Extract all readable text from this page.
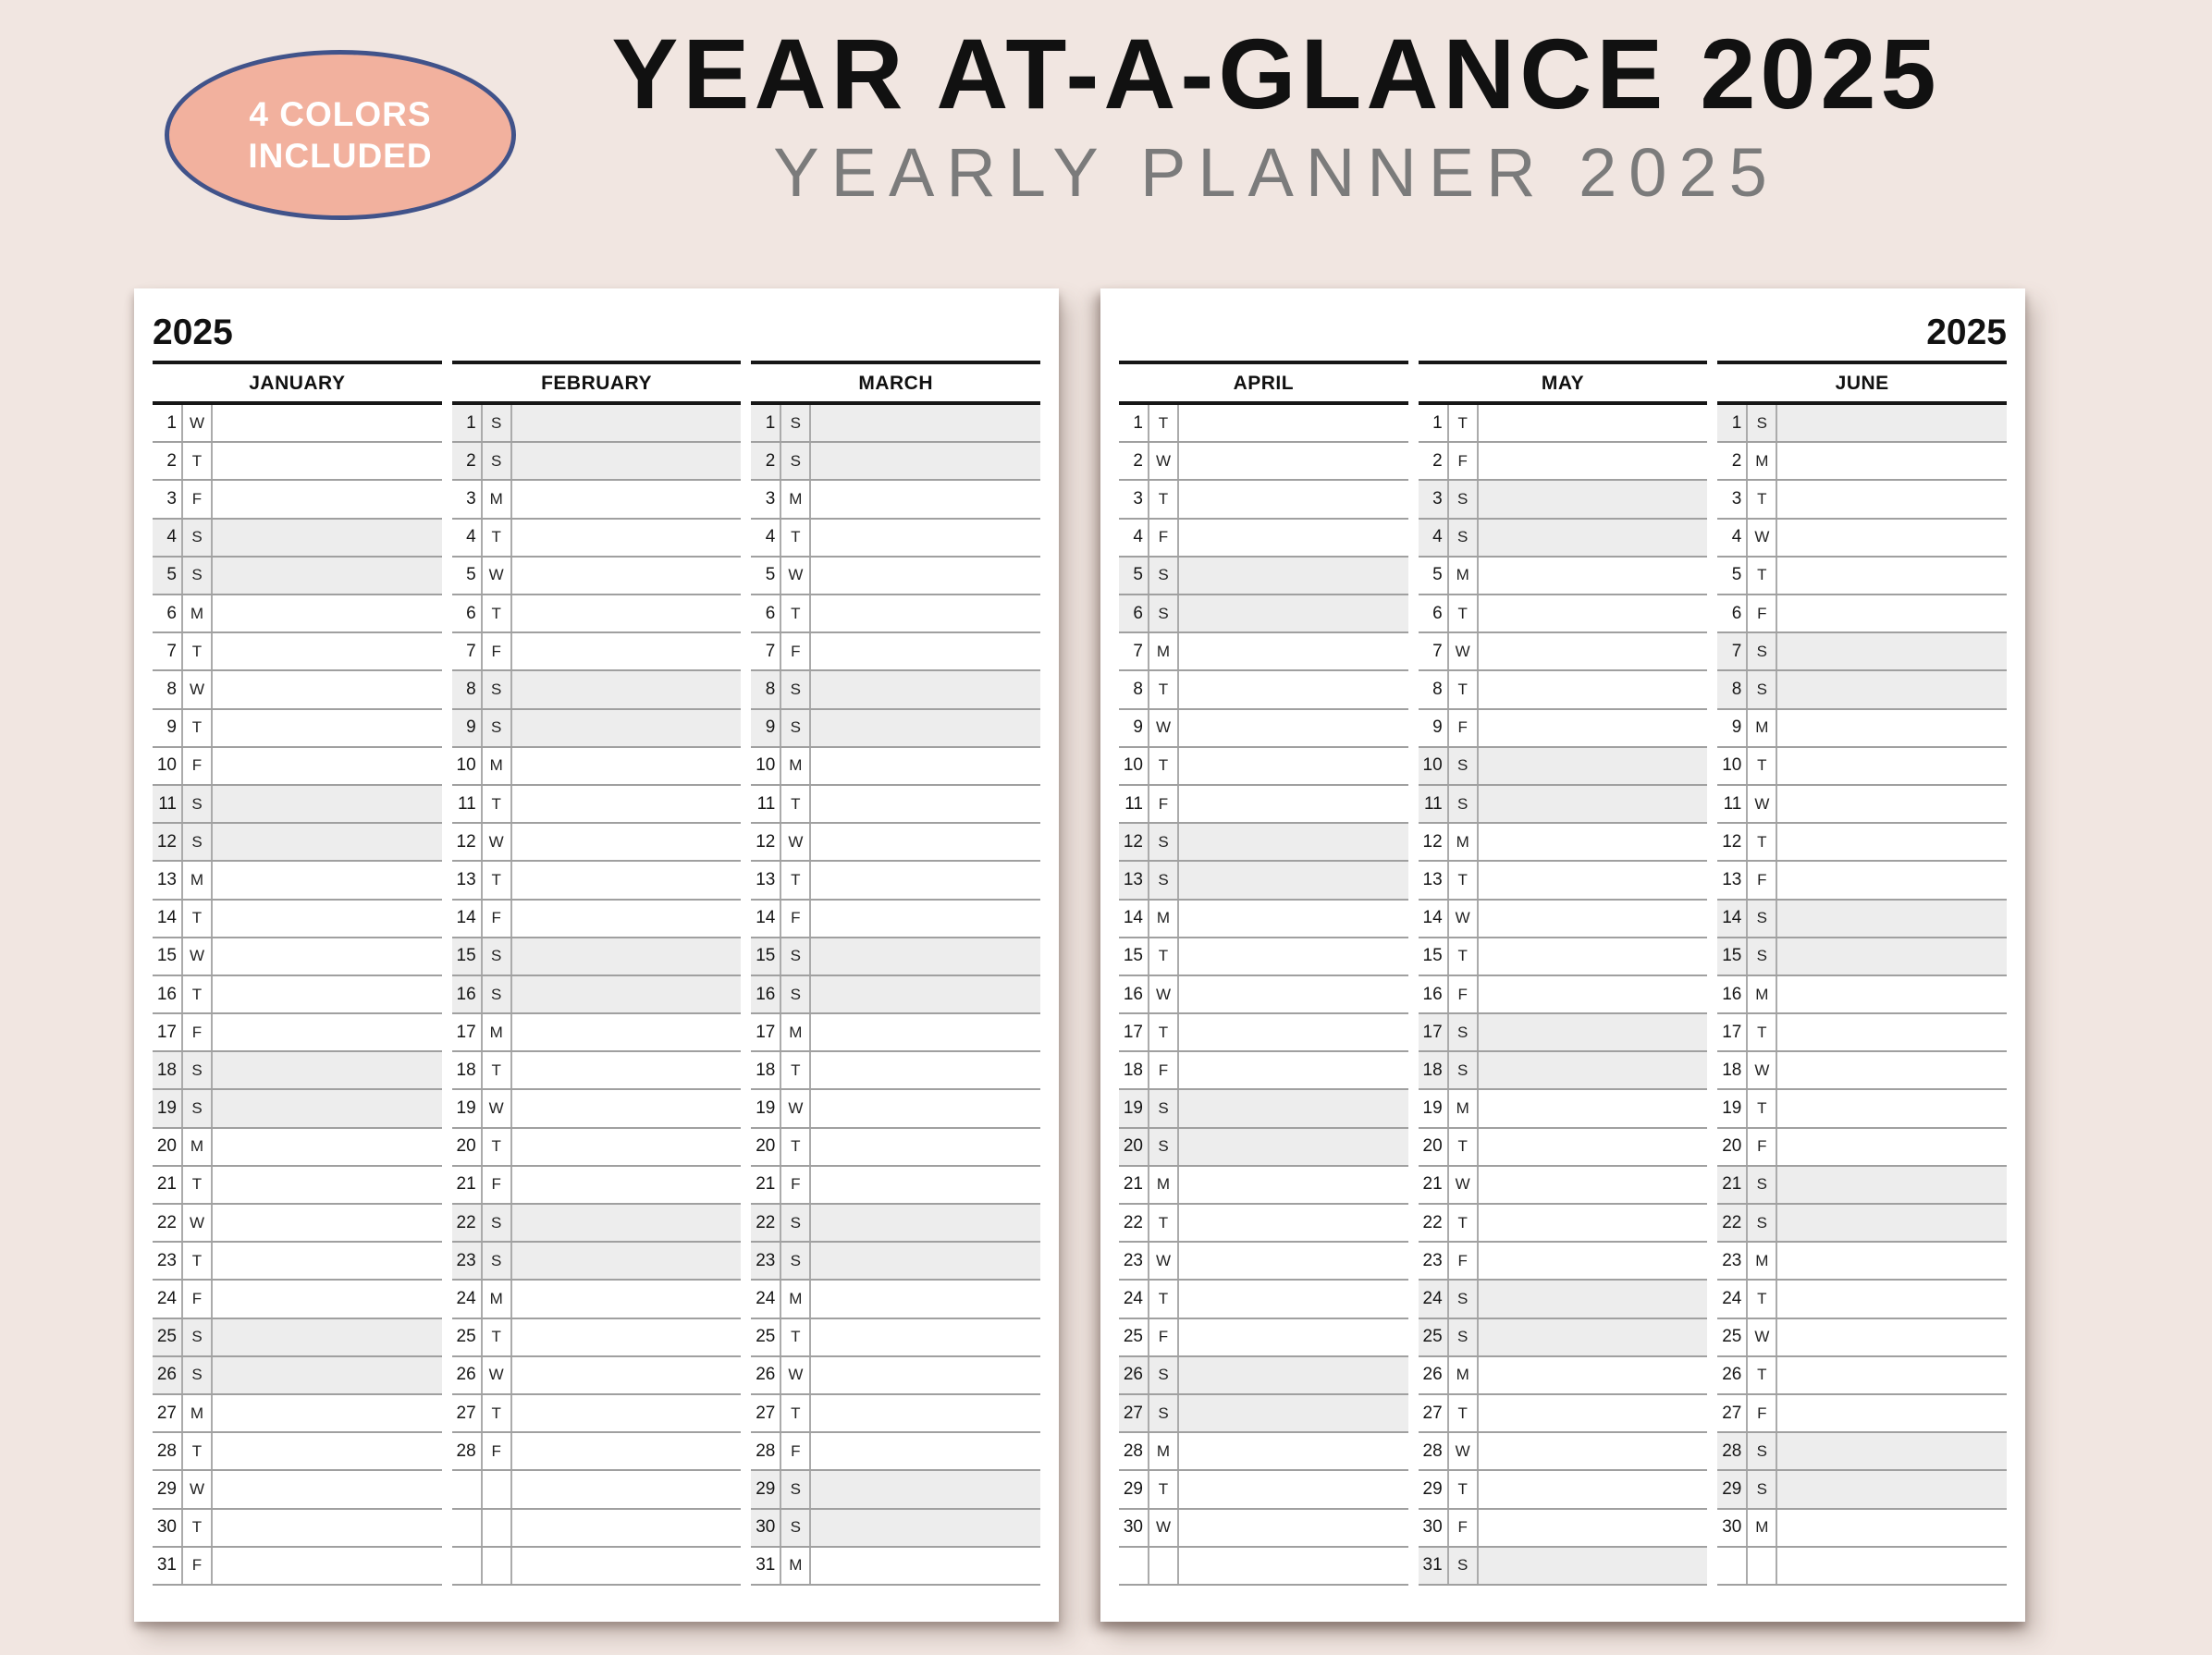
4 COLORS
INCLUDED
YEAR AT-A-GLANCE 2025
YEARLY PLANNER 2025
2025
JANUARY
1 W
2 T
3 F
4 S
5 S
6 M
7 T
8 W
9 T
10 F
11 S
12 S
13 M
14 T
15 W
16 T
17 F
18 S
19 S
20 M
21 T
22 W
23 T
24 F
25 S
26 S
27 M
28 T
29 W
30 T
31 F
FEBRUARY
1 S
2 S
3 M
4 T
5 W
6 T
7 F
8 S
9 S
10 M
11 T
12 W
13 T
14 F
15 S
16 S
17 M
18 T
19 W
20 T
21 F
22 S
23 S
24 M
25 T
26 W
27 T
28 F
MARCH
1 S
2 S
3 M
4 T
5 W
6 T
7 F
8 S
9 S
10 M
11 T
12 W
13 T
14 F
15 S
16 S
17 M
18 T
19 W
20 T
21 F
22 S
23 S
24 M
25 T
26 W
27 T
28 F
29 S
30 S
31 M
2025
APRIL
1 T
2 W
3 T
4 F
5 S
6 S
7 M
8 T
9 W
10 T
11 F
12 S
13 S
14 M
15 T
16 W
17 T
18 F
19 S
20 S
21 M
22 T
23 W
24 T
25 F
26 S
27 S
28 M
29 T
30 W
MAY
1 T
2 F
3 S
4 S
5 M
6 T
7 W
8 T
9 F
10 S
11 S
12 M
13 T
14 W
15 T
16 F
17 S
18 S
19 M
20 T
21 W
22 T
23 F
24 S
25 S
26 M
27 T
28 W
29 T
30 F
31 S
JUNE
1 S
2 M
3 T
4 W
5 T
6 F
7 S
8 S
9 M
10 T
11 W
12 T
13 F
14 S
15 S
16 M
17 T
18 W
19 T
20 F
21 S
22 S
23 M
24 T
25 W
26 T
27 F
28 S
29 S
30 M
